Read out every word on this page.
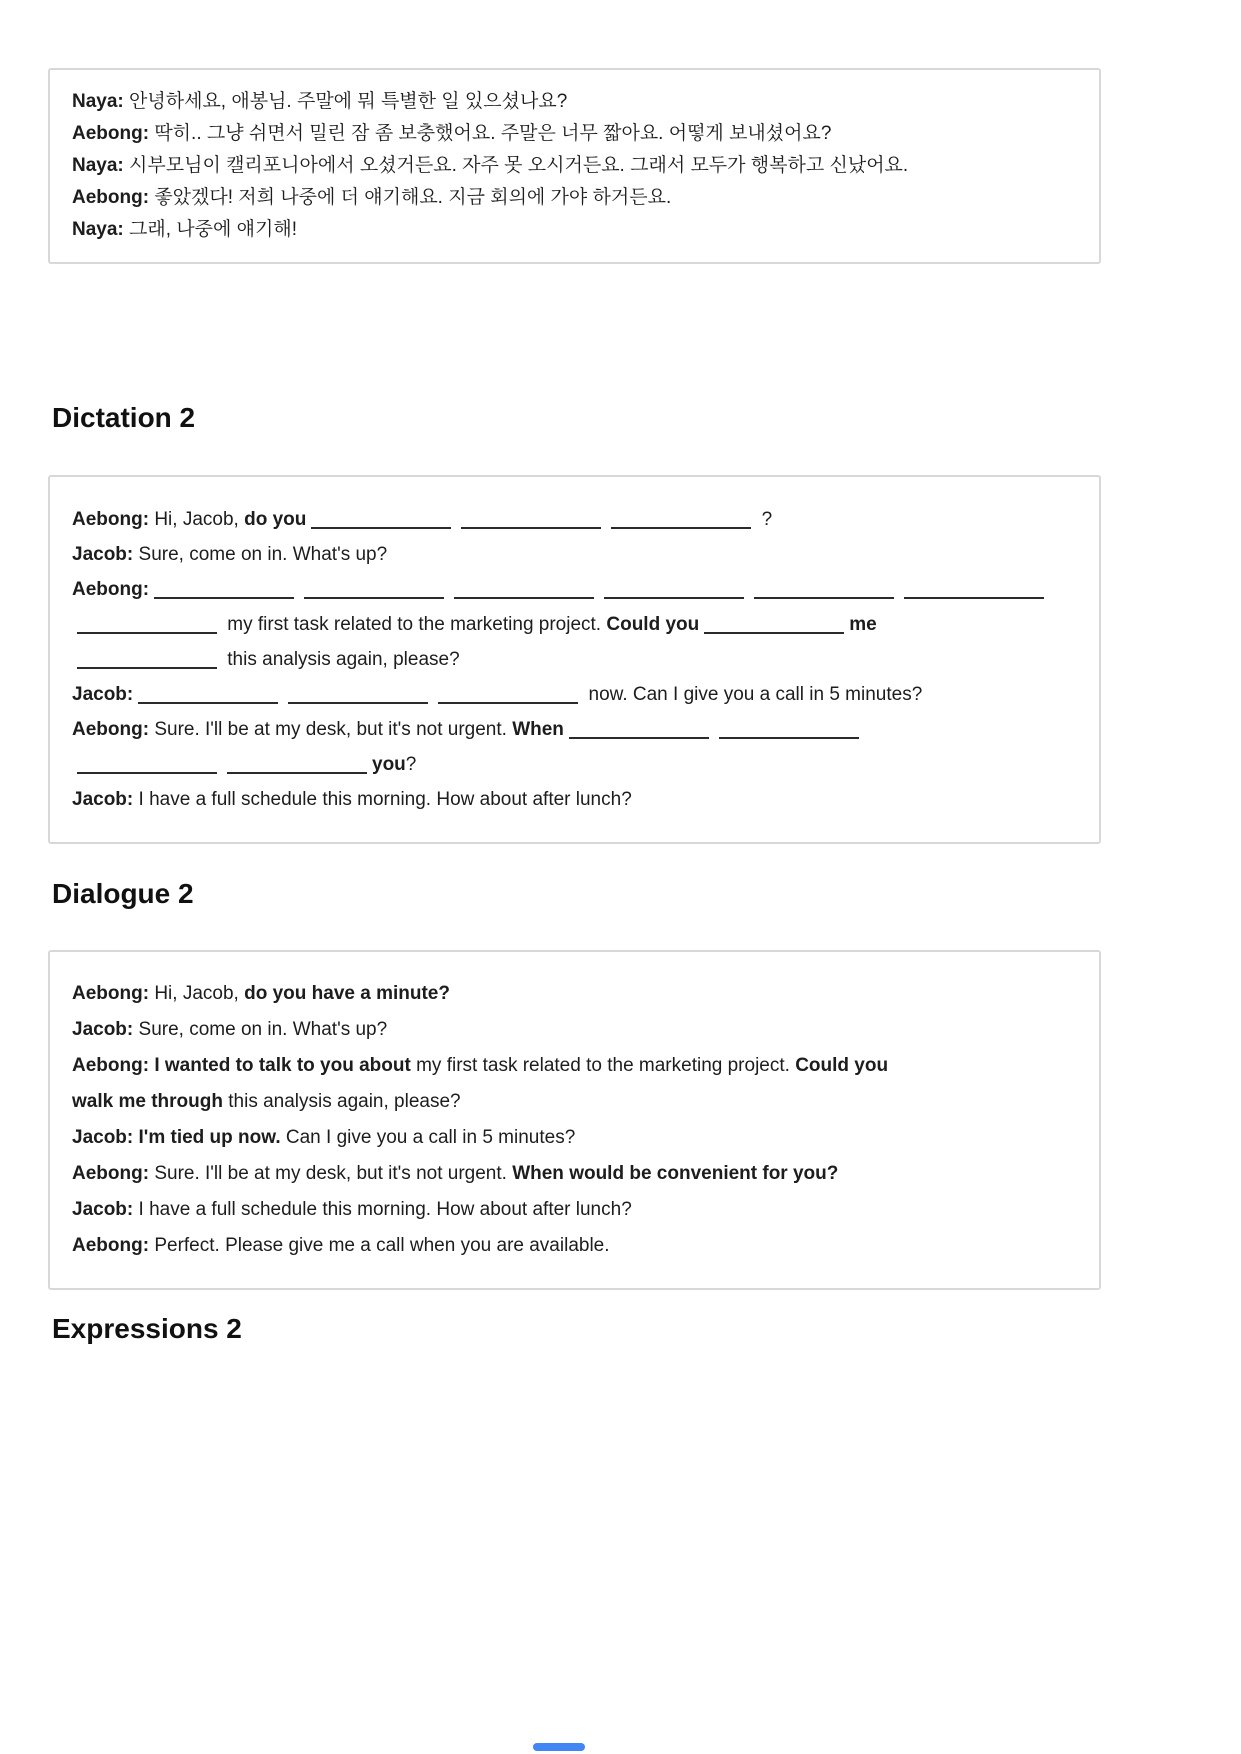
Naya: 안녕하세요, 애봉님. 주말에 뭐 특별한 일 있으셨나요?

Aebong: 딱히.. 그냥 쉬면서 밀린 잠 좀 보충했어요. 주말은 너무 짧아요. 어떻게 보내셨어요?

Naya: 시부모님이 캘리포니아에서 오셨거든요. 자주 못 오시거든요. 그래서 모두가 행복하고 신났어요.

Aebong: 좋았겠다! 저희 나중에 더 얘기해요. 지금 회의에 가야 하거든요.

Naya: 그래, 나중에 얘기해!

Dictation 2

Aebong: Hi, Jacob, do you	?

Jacob: Sure, come on in. What's up?

Aebong:

my first task related to the marketing project. Could you	me

this analysis again, please?

Jacob:	now. Can I give you a call in 5 minutes?

Aebong: Sure. I'll be at my desk, but it's not urgent. When

you?

Jacob: I have a full schedule this morning. How about after lunch?

Dialogue 2

Aebong: Hi, Jacob, do you have a minute?

Jacob: Sure, come on in. What's up?

Aebong: I wanted to talk to you about my first task related to the marketing project. Could you

walk me through this analysis again, please?

Jacob: I'm tied up now. Can I give you a call in 5 minutes?

Aebong: Sure. I'll be at my desk, but it's not urgent. When would be convenient for you?

Jacob: I have a full schedule this morning. How about after lunch?

Aebong: Perfect. Please give me a call when you are available.

Expressions 2
